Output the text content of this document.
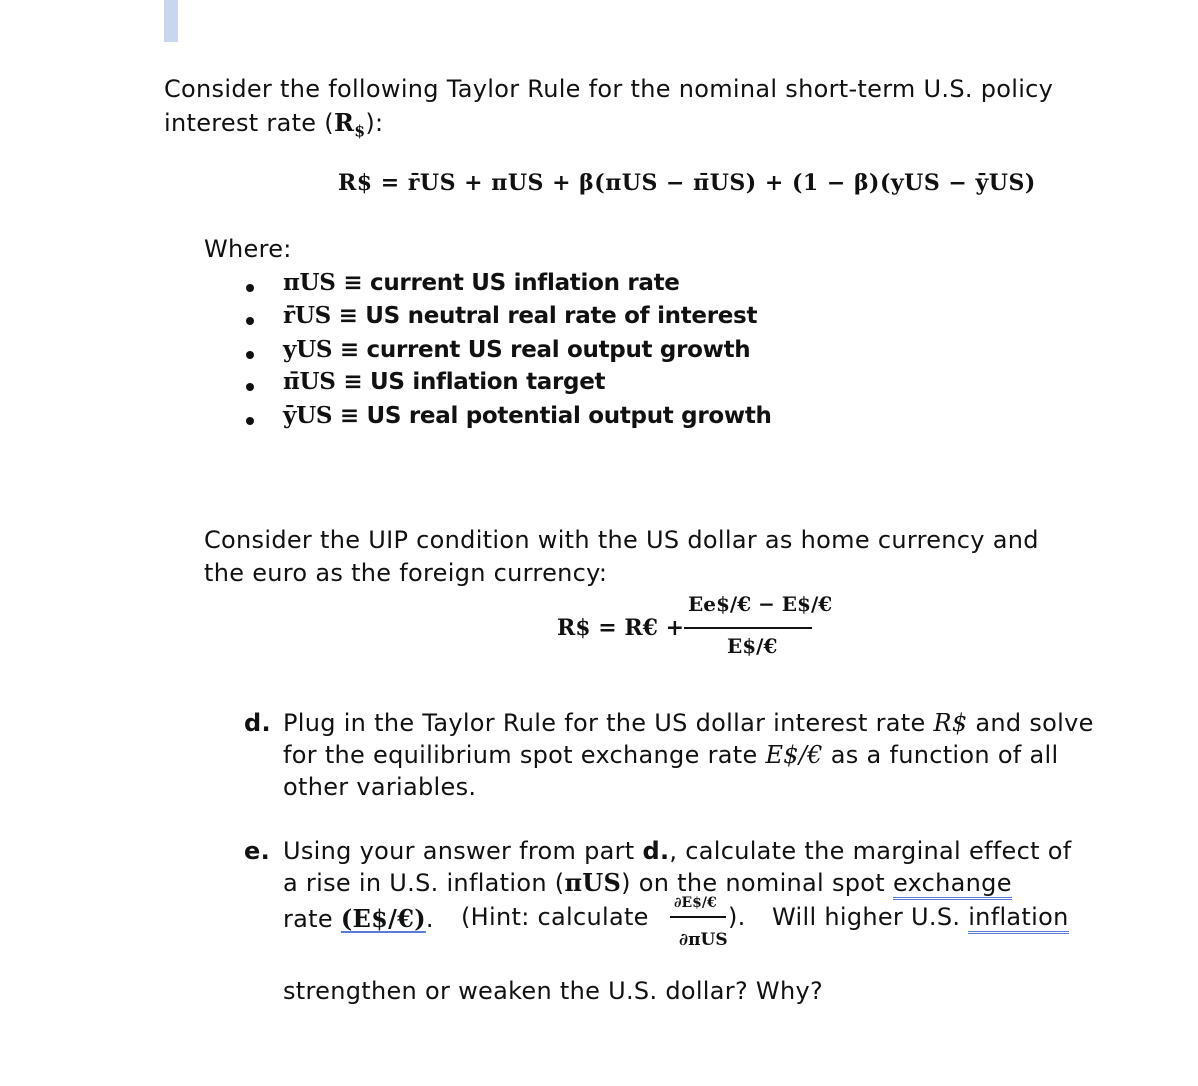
Consider the following Taylor Rule for the nominal short-term U.S. policy
interest rate $(R_{\$})$:
R$ = r̄US + πUS + β(πUS − π̄US) + (1 − β)(yUS − ȳUS)
Where:
πUS ≡ current US inflation rate
r̄US ≡ US neutral real rate of interest
yUS ≡ current US real output growth
π̄US ≡ US inflation target
ȳUS ≡ US real potential output growth
Consider the UIP condition with the US dollar as home currency and
the euro as the foreign currency:
R$ = R€ +
Ee$/€ − E$/€
E$/€
d. Plug in the Taylor Rule for the US dollar interest rate R$ and solve
for the equilibrium spot exchange rate E$/€ as a function of all
other variables.
e. Using your answer from part d., calculate the marginal effect of
a rise in U.S. inflation (πUS) on the nominal spot exchange
rate (E$/€). (Hint: calculate ∂E$/€
∂πUS
). Will higher U.S. inflation
strengthen or weaken the U.S. dollar? Why?
